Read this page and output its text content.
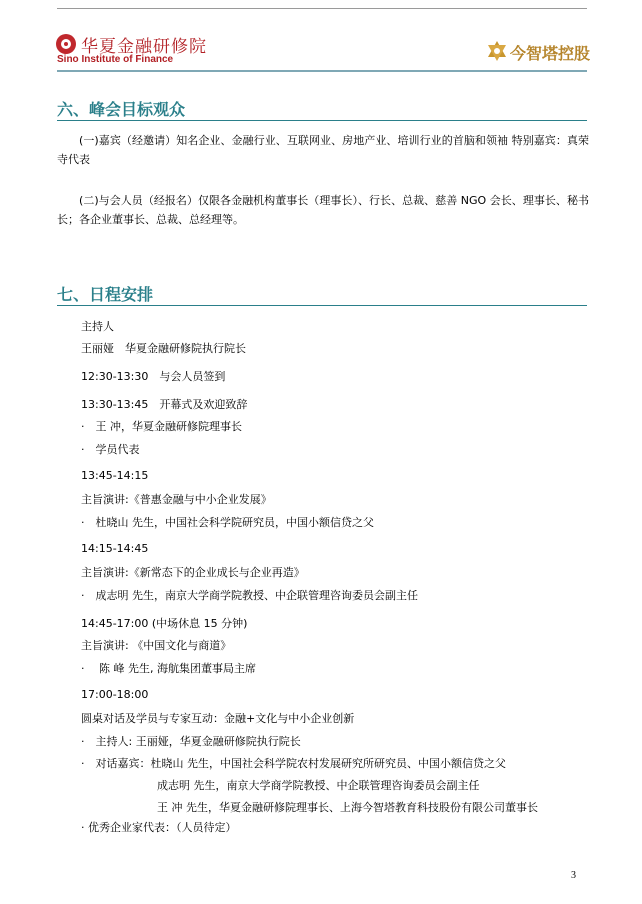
华夏金融研修院
Sino Institute of Finance	今智塔控股
六、峰会目标观众
(一)嘉宾（经邀请）知名企业、金融行业、互联网业、房地产业、培训行业的首脑和领袖 特别嘉宾：真荣寺代表
(二)与会人员（经报名）仅限各金融机构董事长（理事长）、行长、总裁、慈善 NGO 会长、理事长、秘书长；各企业董事长、总裁、总经理等。
七、日程安排
主持人
王丽娅　华夏金融研修院执行院长
12:30-13:30　与会人员签到
13:30-13:45　开幕式及欢迎致辞
·　王 冲，华夏金融研修院理事长
·　学员代表
13:45-14:15
主旨演讲:《普惠金融与中小企业发展》
·　杜晓山 先生，中国社会科学院研究员，中国小额信贷之父
14:15-14:45
主旨演讲:《新常态下的企业成长与企业再造》
·　成志明 先生，南京大学商学院教授、中企联管理咨询委员会副主任
14:45-17:00 (中场休息 15 分钟)
主旨演讲: 《中国文化与商道》
·　 陈 峰 先生, 海航集团董事局主席
17:00-18:00
圆桌对话及学员与专家互动：金融+文化与中小企业创新
·　主持人: 王丽娅，华夏金融研修院执行院长
·　对话嘉宾：杜晓山 先生，中国社会科学院农村发展研究所研究员、中国小额信贷之父
成志明 先生，南京大学商学院教授、中企联管理咨询委员会副主任
王 冲 先生，华夏金融研修院理事长、上海今智塔教育科技股份有限公司董事长
· 优秀企业家代表：（人员待定）
3
